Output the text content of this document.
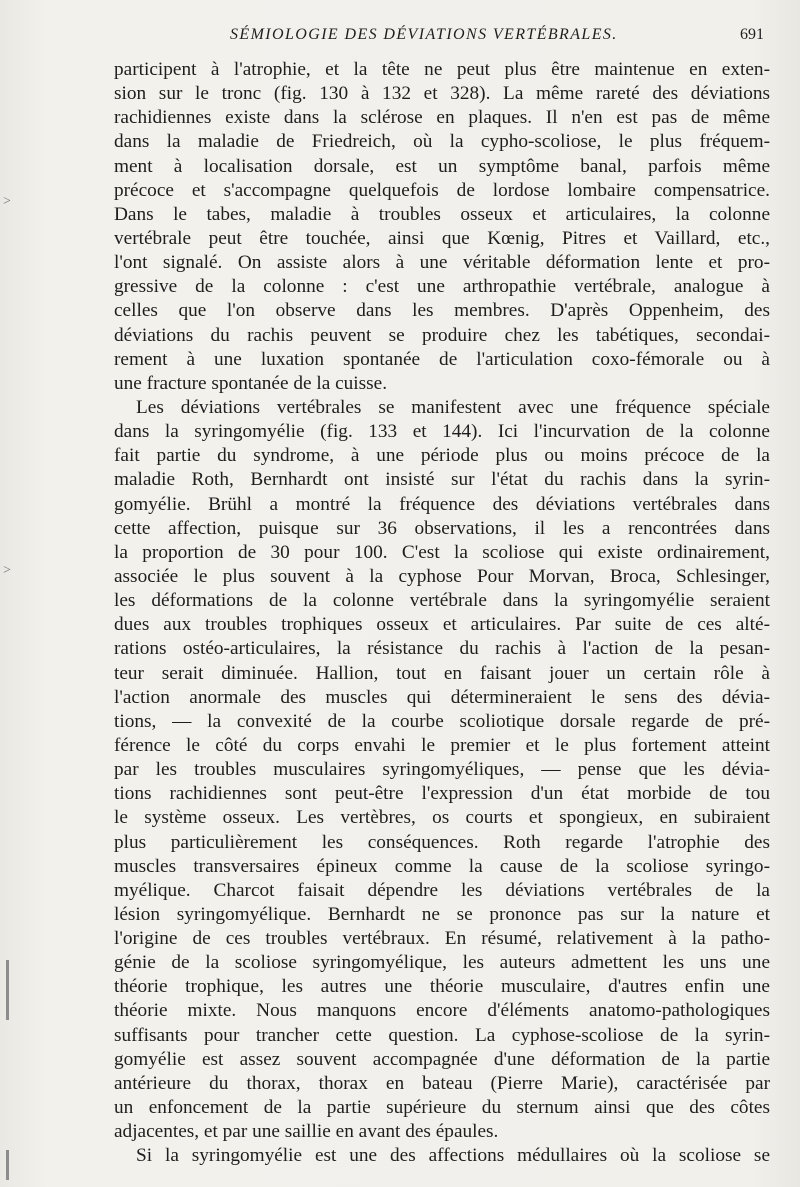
SÉMIOLOGIE DES DÉVIATIONS VERTÉBRALES.	691
>
>
participent à l'atrophie, et la tête ne peut plus être maintenue en exten-
sion sur le tronc (fig. 130 à 132 et 328). La même rareté des déviations
rachidiennes existe dans la sclérose en plaques. Il n'en est pas de même
dans la maladie de Friedreich, où la cypho-scoliose, le plus fréquem-
ment à localisation dorsale, est un symptôme banal, parfois même
précoce et s'accompagne quelquefois de lordose lombaire compensatrice.
Dans le tabes, maladie à troubles osseux et articulaires, la colonne
vertébrale peut être touchée, ainsi que Kœnig, Pitres et Vaillard, etc.,
l'ont signalé. On assiste alors à une véritable déformation lente et pro-
gressive de la colonne : c'est une arthropathie vertébrale, analogue à
celles que l'on observe dans les membres. D'après Oppenheim, des
déviations du rachis peuvent se produire chez les tabétiques, secondai-
rement à une luxation spontanée de l'articulation coxo-fémorale ou à
une fracture spontanée de la cuisse.
Les déviations vertébrales se manifestent avec une fréquence spéciale
dans la syringomyélie (fig. 133 et 144). Ici l'incurvation de la colonne
fait partie du syndrome, à une période plus ou moins précoce de la
maladie Roth, Bernhardt ont insisté sur l'état du rachis dans la syrin-
gomyélie. Brühl a montré la fréquence des déviations vertébrales dans
cette affection, puisque sur 36 observations, il les a rencontrées dans
la proportion de 30 pour 100. C'est la scoliose qui existe ordinairement,
associée le plus souvent à la cyphose Pour Morvan, Broca, Schlesinger,
les déformations de la colonne vertébrale dans la syringomyélie seraient
dues aux troubles trophiques osseux et articulaires. Par suite de ces alté-
rations ostéo-articulaires, la résistance du rachis à l'action de la pesan-
teur serait diminuée. Hallion, tout en faisant jouer un certain rôle à
l'action anormale des muscles qui détermineraient le sens des dévia-
tions, — la convexité de la courbe scoliotique dorsale regarde de pré-
férence le côté du corps envahi le premier et le plus fortement atteint
par les troubles musculaires syringomyéliques, — pense que les dévia-
tions rachidiennes sont peut-être l'expression d'un état morbide de tou
le système osseux. Les vertèbres, os courts et spongieux, en subiraient
plus particulièrement les conséquences. Roth regarde l'atrophie des
muscles transversaires épineux comme la cause de la scoliose syringo-
myélique. Charcot faisait dépendre les déviations vertébrales de la
lésion syringomyélique. Bernhardt ne se prononce pas sur la nature et
l'origine de ces troubles vertébraux. En résumé, relativement à la patho-
génie de la scoliose syringomyélique, les auteurs admettent les uns une
théorie trophique, les autres une théorie musculaire, d'autres enfin une
théorie mixte. Nous manquons encore d'éléments anatomo-pathologiques
suffisants pour trancher cette question. La cyphose-scoliose de la syrin-
gomyélie est assez souvent accompagnée d'une déformation de la partie
antérieure du thorax, thorax en bateau (Pierre Marie), caractérisée par
un enfoncement de la partie supérieure du sternum ainsi que des côtes
adjacentes, et par une saillie en avant des épaules.
Si la syringomyélie est une des affections médullaires où la scoliose se
